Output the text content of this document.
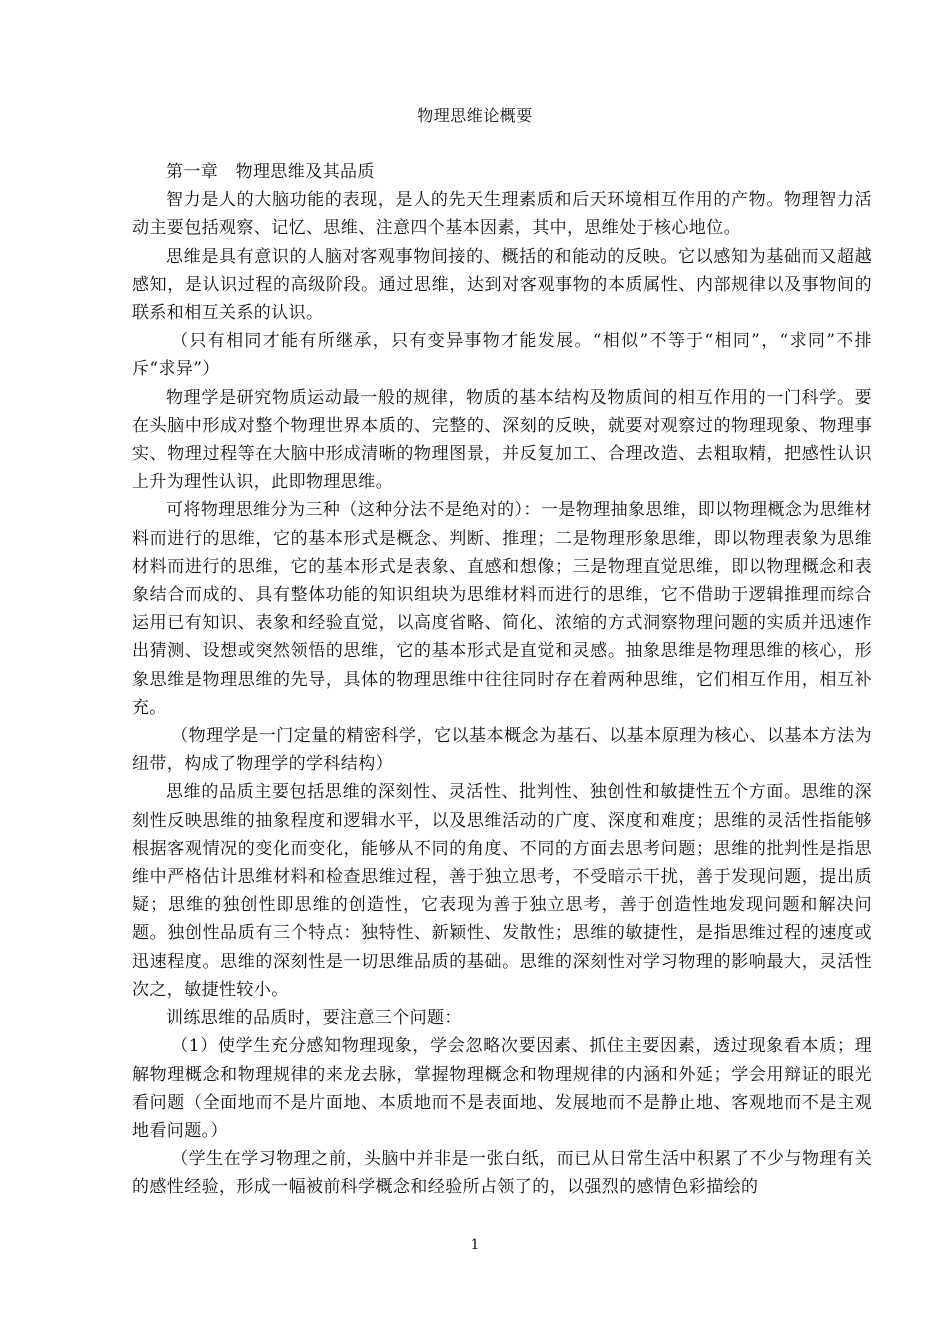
物理思维论概要

第一章　物理思维及其品质

智力是人的大脑功能的表现，是人的先天生理素质和后天环境相互作用的产物。物理智力活动主要包括观察、记忆、思维、注意四个基本因素，其中，思维处于核心地位。

思维是具有意识的人脑对客观事物间接的、概括的和能动的反映。它以感知为基础而又超越感知，是认识过程的高级阶段。通过思维，达到对客观事物的本质属性、内部规律以及事物间的联系和相互关系的认识。

（只有相同才能有所继承，只有变异事物才能发展。“相似”不等于“相同”，“求同”不排斥“求异”）

物理学是研究物质运动最一般的规律，物质的基本结构及物质间的相互作用的一门科学。要在头脑中形成对整个物理世界本质的、完整的、深刻的反映，就要对观察过的物理现象、物理事实、物理过程等在大脑中形成清晰的物理图景，并反复加工、合理改造、去粗取精，把感性认识上升为理性认识，此即物理思维。

可将物理思维分为三种（这种分法不是绝对的）：一是物理抽象思维，即以物理概念为思维材料而进行的思维，它的基本形式是概念、判断、推理；二是物理形象思维，即以物理表象为思维材料而进行的思维，它的基本形式是表象、直感和想像；三是物理直觉思维，即以物理概念和表象结合而成的、具有整体功能的知识组块为思维材料而进行的思维，它不借助于逻辑推理而综合运用已有知识、表象和经验直觉，以高度省略、简化、浓缩的方式洞察物理问题的实质并迅速作出猜测、设想或突然领悟的思维，它的基本形式是直觉和灵感。抽象思维是物理思维的核心，形象思维是物理思维的先导，具体的物理思维中往往同时存在着两种思维，它们相互作用，相互补充。

（物理学是一门定量的精密科学，它以基本概念为基石、以基本原理为核心、以基本方法为纽带，构成了物理学的学科结构）

思维的品质主要包括思维的深刻性、灵活性、批判性、独创性和敏捷性五个方面。思维的深刻性反映思维的抽象程度和逻辑水平，以及思维活动的广度、深度和难度；思维的灵活性指能够根据客观情况的变化而变化，能够从不同的角度、不同的方面去思考问题；思维的批判性是指思维中严格估计思维材料和检查思维过程，善于独立思考，不受暗示干扰，善于发现问题，提出质疑；思维的独创性即思维的创造性，它表现为善于独立思考，善于创造性地发现问题和解决问题。独创性品质有三个特点：独特性、新颖性、发散性；思维的敏捷性，是指思维过程的速度或迅速程度。思维的深刻性是一切思维品质的基础。思维的深刻性对学习物理的影响最大，灵活性次之，敏捷性较小。

训练思维的品质时，要注意三个问题：

（1）使学生充分感知物理现象，学会忽略次要因素、抓住主要因素，透过现象看本质；理解物理概念和物理规律的来龙去脉，掌握物理概念和物理规律的内涵和外延；学会用辩证的眼光看问题（全面地而不是片面地、本质地而不是表面地、发展地而不是静止地、客观地而不是主观地看问题。）

（学生在学习物理之前，头脑中并非是一张白纸，而已从日常生活中积累了不少与物理有关的感性经验，形成一幅被前科学概念和经验所占领了的，以强烈的感情色彩描绘的

1
